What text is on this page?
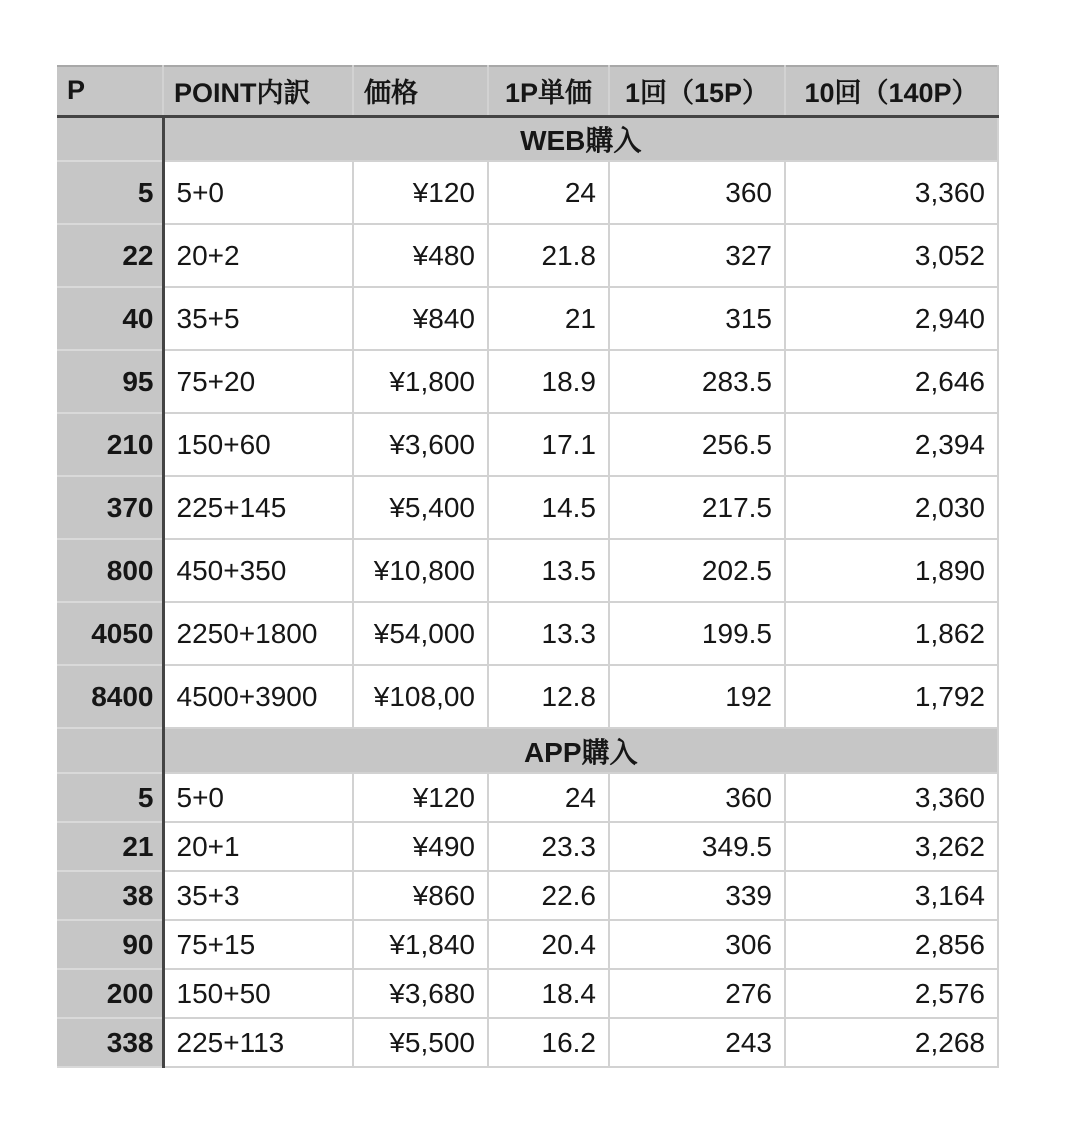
P	POINT内訳	価格	1P単価	1回（15P）	10回（140P）
	WEB購入				
5	5+0	¥120	24	360	3,360
22	20+2	¥480	21.8	327	3,052
40	35+5	¥840	21	315	2,940
95	75+20	¥1,800	18.9	283.5	2,646
210	150+60	¥3,600	17.1	256.5	2,394
370	225+145	¥5,400	14.5	217.5	2,030
800	450+350	¥10,800	13.5	202.5	1,890
4050	2250+1800	¥54,000	13.3	199.5	1,862
8400	4500+3900	¥108,00	12.8	192	1,792
	APP購入				
5	5+0	¥120	24	360	3,360
21	20+1	¥490	23.3	349.5	3,262
38	35+3	¥860	22.6	339	3,164
90	75+15	¥1,840	20.4	306	2,856
200	150+50	¥3,680	18.4	276	2,576
338	225+113	¥5,500	16.2	243	2,268
